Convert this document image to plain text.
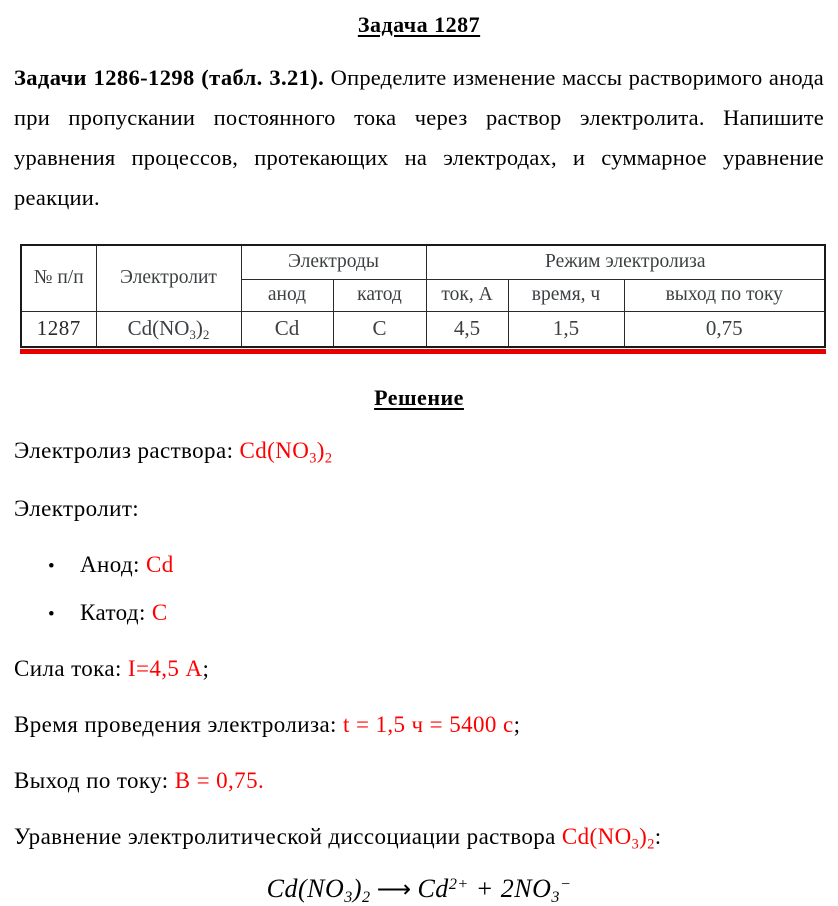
Задача 1287

Задачи 1286-1298 (табл. 3.21). Определите изменение массы растворимого анода при пропускании постоянного тока через раствор электролита. Напишите уравнения процессов, протекающих на электродах, и суммарное уравнение реакции.

№ п/п	Электролит	Электроды		Режим электролиза		
		анод	катод	ток, А	время, ч	выход по току
1287	$Cd(NO_3)_2$	Cd	C	4,5	1,5	0,75
Решение

Электролиз раствора: $Cd(NO_3)_2$

Электролит:

•	Анод: Cd
•	Катод: C

Сила тока: I=4,5 А;

Время проведения электролиза: t = 1,5 ч = 5400 с;

Выход по току: B = 0,75.

Уравнение электролитической диссоциации раствора $Cd(NO_3)_2$:

$Cd(NO_3)_2$ ⟶ $Cd^{2+} + 2NO_3^-$
